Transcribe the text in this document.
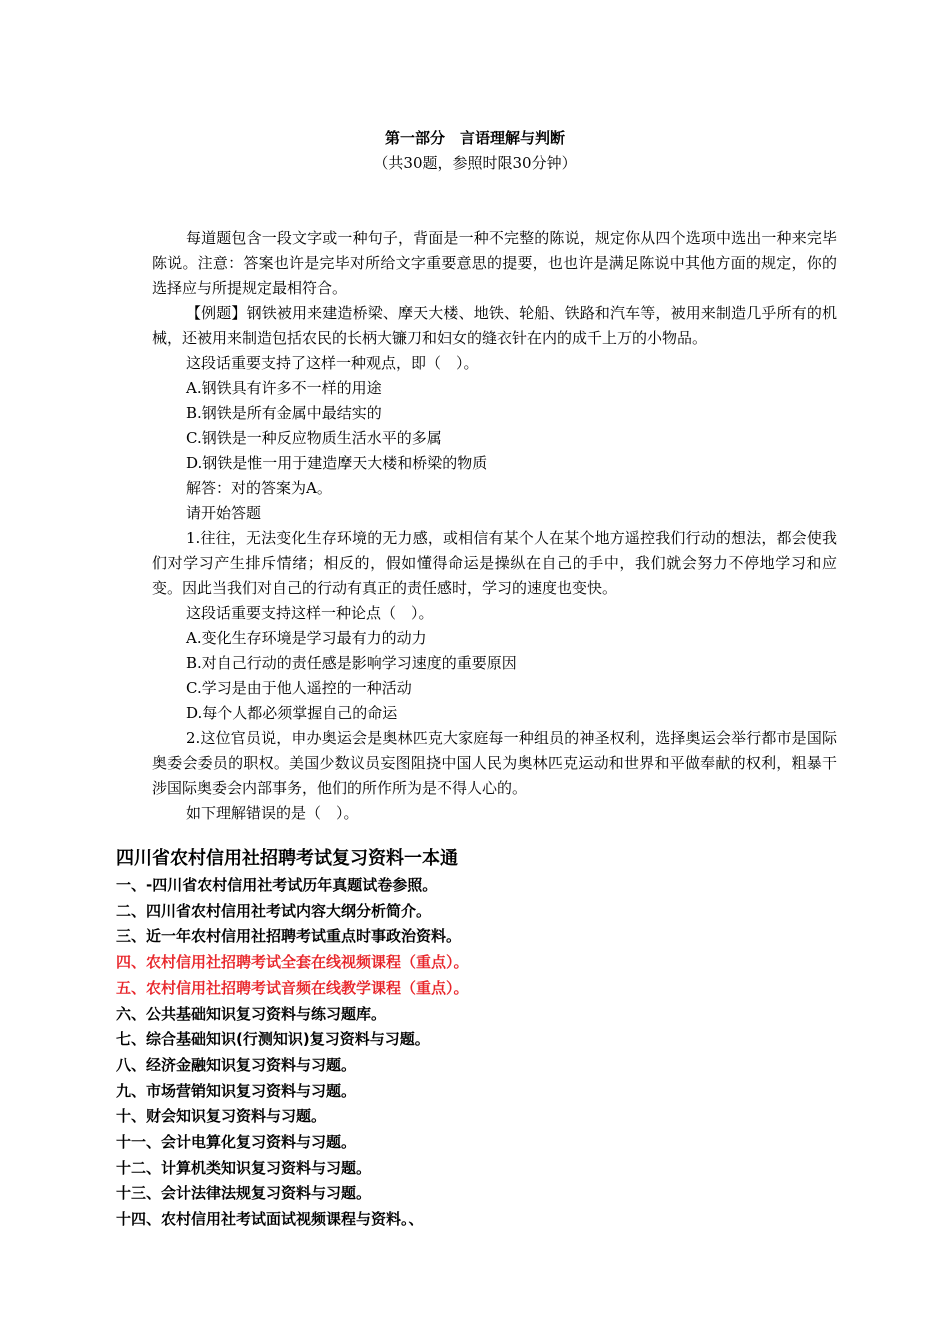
第一部分　言语理解与判断
（共30题，参照时限30分钟）

每道题包含一段文字或一种句子，背面是一种不完整的陈说，规定你从四个选项中选出一种来完毕陈说。注意：答案也许是完毕对所给文字重要意思的提要，也也许是满足陈说中其他方面的规定，你的选择应与所提规定最相符合。

【例题】钢铁被用来建造桥梁、摩天大楼、地铁、轮船、铁路和汽车等，被用来制造几乎所有的机械，还被用来制造包括农民的长柄大镰刀和妇女的缝衣针在内的成千上万的小物品。

这段话重要支持了这样一种观点，即（　）。

A.钢铁具有许多不一样的用途

B.钢铁是所有金属中最结实的

C.钢铁是一种反应物质生活水平的多属

D.钢铁是惟一用于建造摩天大楼和桥梁的物质

解答：对的答案为A。

请开始答题

1.往往，无法变化生存环境的无力感，或相信有某个人在某个地方遥控我们行动的想法，都会使我们对学习产生排斥情绪；相反的，假如懂得命运是操纵在自己的手中，我们就会努力不停地学习和应变。因此当我们对自己的行动有真正的责任感时，学习的速度也变快。

这段话重要支持这样一种论点（　）。

A.变化生存环境是学习最有力的动力

B.对自己行动的责任感是影响学习速度的重要原因

C.学习是由于他人遥控的一种活动

D.每个人都必须掌握自己的命运

2.这位官员说，申办奥运会是奥林匹克大家庭每一种组员的神圣权利，选择奥运会举行都市是国际奥委会委员的职权。美国少数议员妄图阻挠中国人民为奥林匹克运动和世界和平做奉献的权利，粗暴干涉国际奥委会内部事务，他们的所作所为是不得人心的。

如下理解错误的是（　）。

四川省农村信用社招聘考试复习资料一本通

一、-四川省农村信用社考试历年真题试卷参照。

二、四川省农村信用社考试内容大纲分析简介。

三、近一年农村信用社招聘考试重点时事政治资料。

四、农村信用社招聘考试全套在线视频课程（重点）。

五、农村信用社招聘考试音频在线教学课程（重点）。

六、公共基础知识复习资料与练习题库。

七、综合基础知识(行测知识)复习资料与习题。

八、经济金融知识复习资料与习题。

九、市场营销知识复习资料与习题。

十、财会知识复习资料与习题。

十一、会计电算化复习资料与习题。

十二、计算机类知识复习资料与习题。

十三、会计法律法规复习资料与习题。

十四、农村信用社考试面试视频课程与资料。、
